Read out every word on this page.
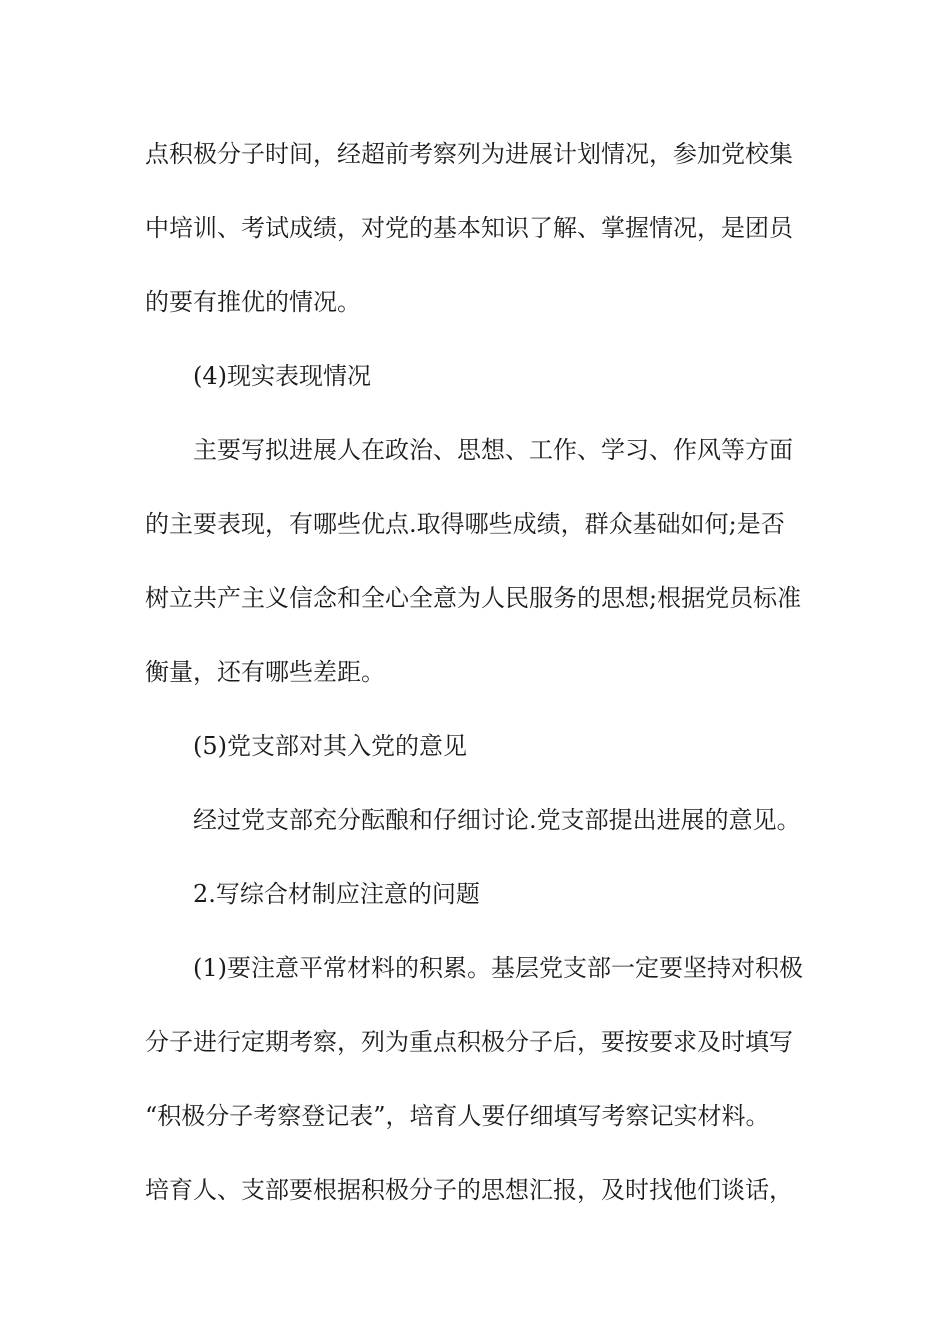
点积极分子时间，经超前考察列为进展计划情况，参加党校集
中培训、考试成绩，对党的基本知识了解、掌握情况，是团员
的要有推优的情况。
(4)现实表现情况
主要写拟进展人在政治、思想、工作、学习、作风等方面
的主要表现，有哪些优点.取得哪些成绩，群众基础如何;是否
树立共产主义信念和全心全意为人民服务的思想;根据党员标准
衡量，还有哪些差距。
(5)党支部对其入党的意见
经过党支部充分酝酿和仔细讨论.党支部提出进展的意见。
2.写综合材制应注意的问题
(1)要注意平常材料的积累。基层党支部一定要坚持对积极
分子进行定期考察，列为重点积极分子后，要按要求及时填写
“积极分子考察登记表”，培育人要仔细填写考察记实材料。
培育人、支部要根据积极分子的思想汇报，及时找他们谈话，
